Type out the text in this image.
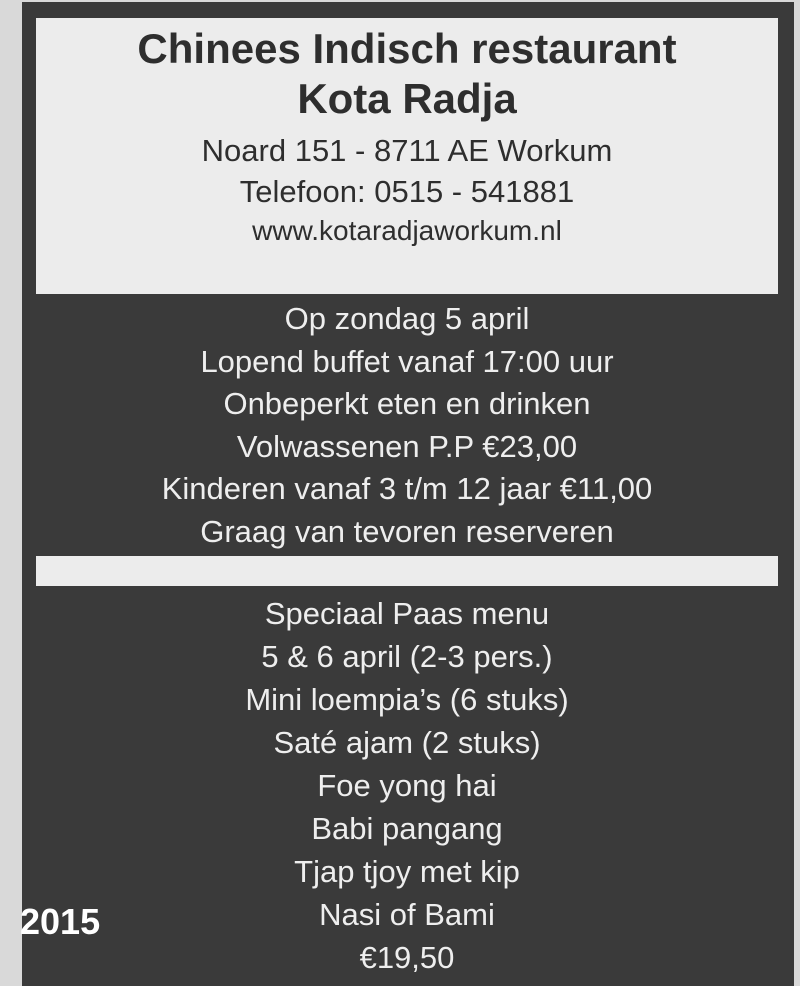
Chinees Indisch restaurant

Kota Radja

Noard 151 - 8711 AE Workum

Telefoon: 0515 - 541881

www.kotaradjaworkum.nl

Op zondag 5 april

Lopend buffet vanaf 17:00 uur

Onbeperkt eten en drinken

Volwassenen P.P €23,00

Kinderen vanaf 3 t/m 12 jaar €11,00

Graag van tevoren reserveren

Speciaal Paas menu

5 & 6 april (2-3 pers.)

Mini loempia’s (6 stuks)

Saté ajam (2 stuks)

Foe yong hai

Babi pangang

Tjap tjoy met kip

Nasi of Bami

€19,50

2015
